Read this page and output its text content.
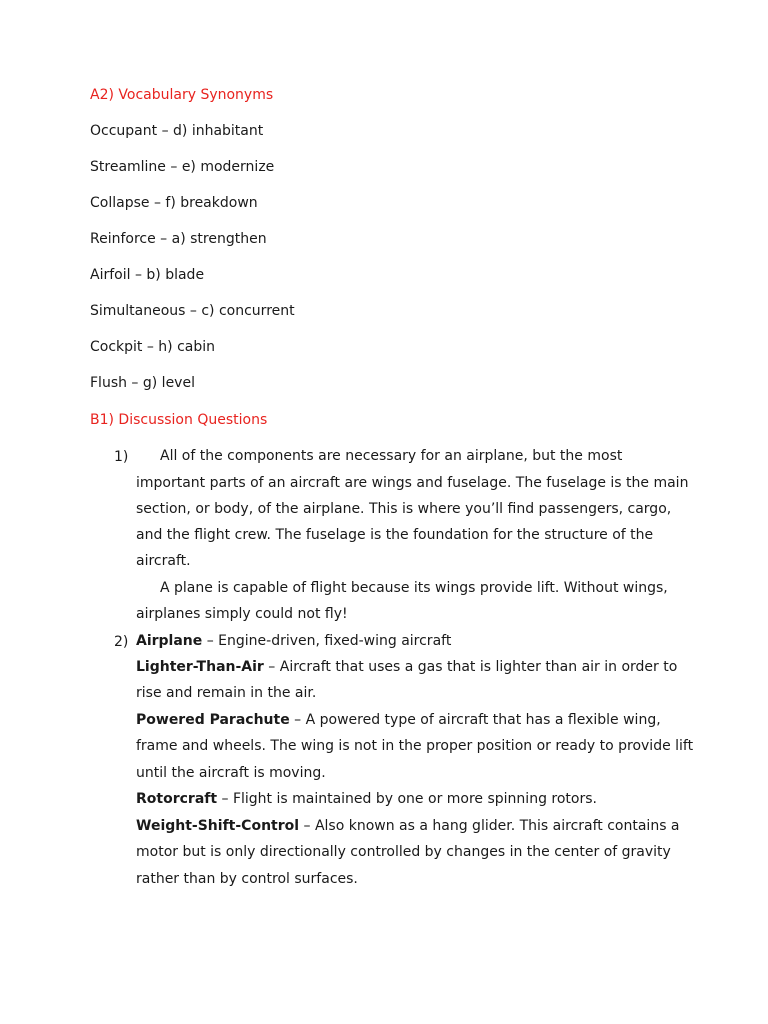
A2) Vocabulary Synonyms
Occupant – d) inhabitant
Streamline – e) modernize
Collapse – f) breakdown
Reinforce – a) strengthen
Airfoil – b) blade
Simultaneous – c) concurrent
Cockpit – h) cabin
Flush – g) level
B1) Discussion Questions
1) All of the components are necessary for an airplane, but the most
important parts of an aircraft are wings and fuselage. The fuselage is the main
section, or body, of the airplane. This is where you’ll find passengers, cargo,
and the flight crew. The fuselage is the foundation for the structure of the
aircraft.
A plane is capable of flight because its wings provide lift. Without wings,
airplanes simply could not fly!
2) Airplane – Engine-driven, fixed-wing aircraft
Lighter-Than-Air – Aircraft that uses a gas that is lighter than air in order to rise and remain in the air.
Powered Parachute – A powered type of aircraft that has a flexible wing, frame and wheels. The wing is not in the proper position or ready to provide lift until the aircraft is moving.
Rotorcraft – Flight is maintained by one or more spinning rotors.
Weight-Shift-Control – Also known as a hang glider. This aircraft contains a motor but is only directionally controlled by changes in the center of gravity rather than by control surfaces.
